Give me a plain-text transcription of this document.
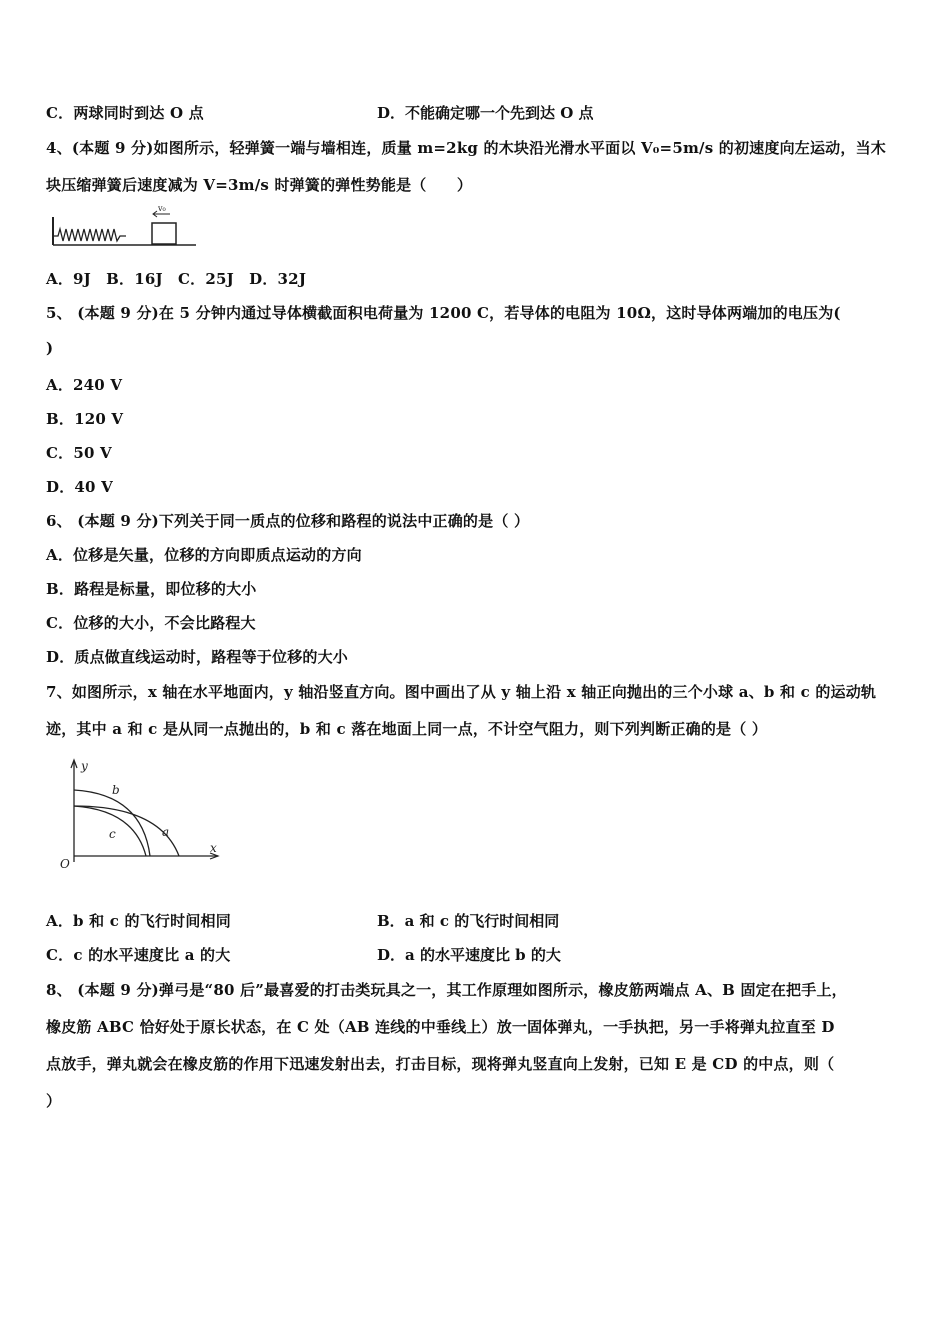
C．两球同时到达 O 点	D．不能确定哪一个先到达 O 点
4、(本题 9 分)如图所示，轻弹簧一端与墙相连，质量 m=2kg 的木块沿光滑水平面以 V₀=5m/s 的初速度向左运动，当木
块压缩弹簧后速度减为 V=3m/s 时弹簧的弹性势能是（　　）
v₀
A．9J　B．16J　C．25J　D．32J
5、 (本题 9 分)在 5 分钟内通过导体横截面积电荷量为 1200 C，若导体的电阻为 10Ω，这时导体两端加的电压为(
)
A．240 V
B．120 V
C．50 V
D．40 V
6、 (本题 9 分)下列关于同一质点的位移和路程的说法中正确的是（ ）
A．位移是矢量，位移的方向即质点运动的方向
B．路程是标量，即位移的大小
C．位移的大小，不会比路程大
D．质点做直线运动时，路程等于位移的大小
7、如图所示，x 轴在水平地面内，y 轴沿竖直方向。图中画出了从 y 轴上沿 x 轴正向抛出的三个小球 a、b 和 c 的运动轨
迹，其中 a 和 c 是从同一点抛出的，b 和 c 落在地面上同一点，不计空气阻力，则下列判断正确的是（ ）
y
x
O
b
a
c
A．b 和 c 的飞行时间相同	B．a 和 c 的飞行时间相同
C．c 的水平速度比 a 的大	D．a 的水平速度比 b 的大
8、 (本题 9 分)弹弓是“80 后”最喜爱的打击类玩具之一，其工作原理如图所示，橡皮筋两端点 A、B 固定在把手上，
橡皮筋 ABC 恰好处于原长状态，在 C 处（AB 连线的中垂线上）放一固体弹丸，一手执把，另一手将弹丸拉直至 D
点放手，弹丸就会在橡皮筋的作用下迅速发射出去，打击目标，现将弹丸竖直向上发射，已知 E 是 CD 的中点，则（
）
